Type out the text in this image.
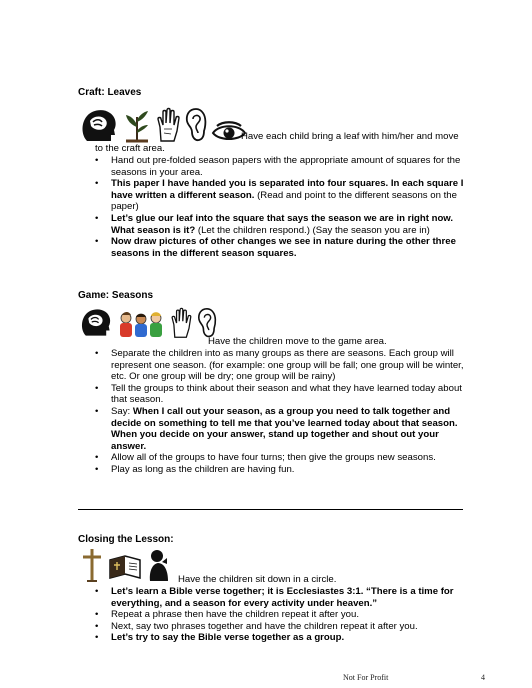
Craft: Leaves
Have each child bring a leaf with him/her and move
to the craft area.
• Hand out pre-folded season papers with the appropriate amount of squares for the seasons in your area.
• This paper I have handed you is separated into four squares. In each square I have written a different season. (Read and point to the different seasons on the paper)
• Let’s glue our leaf into the square that says the season we are in right now. What season is it? (Let the children respond.) (Say the season you are in)
• Now draw pictures of other changes we see in nature during the other three seasons in the different season squares.
Game: Seasons
Have the children move to the game area.
• Separate the children into as many groups as there are seasons. Each group will represent one season. (for example: one group will be fall; one group will be winter, etc. Or one group will be dry; one group will be rainy)
• Tell the groups to think about their season and what they have learned today about that season.
• Say: When I call out your season, as a group you need to talk together and decide on something to tell me that you’ve learned today about that season. When you decide on your answer, stand up together and shout out your answer.
• Allow all of the groups to have four turns; then give the groups new seasons.
• Play as long as the children are having fun.
Closing the Lesson:
Have the children sit down in a circle.
• Let’s learn a Bible verse together; it is Ecclesiastes 3:1. “There is a time for everything, and a season for every activity under heaven.”
• Repeat a phrase then have the children repeat it after you.
• Next, say two phrases together and have the children repeat it after you.
• Let’s try to say the Bible verse together as a group.
Not For Profit	4
